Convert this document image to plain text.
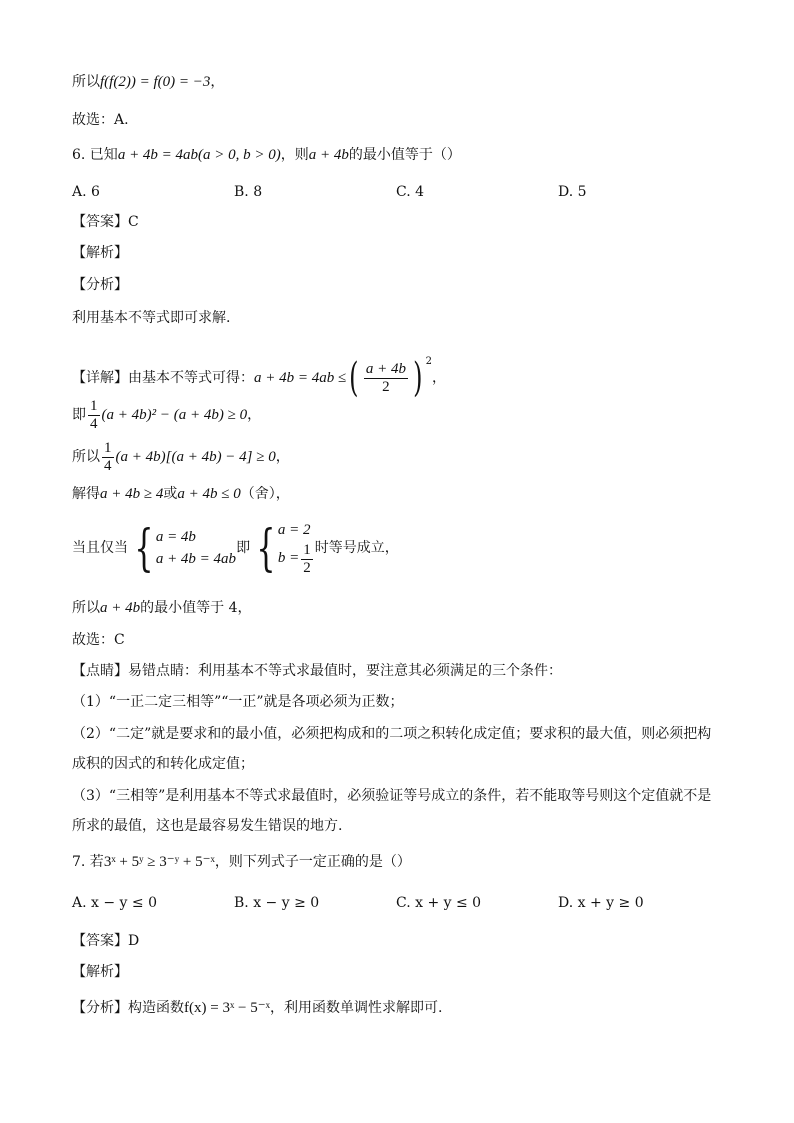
所以f(f(2)) = f(0) = −3，
故选：A.
6. 已知a + 4b = 4ab(a > 0, b > 0)，则a + 4b的最小值等于（）
A. 6	B. 8	C. 4	D. 5
【答案】C
【解析】
【分析】
利用基本不等式即可求解.
【详解】由基本不等式可得：a + 4b = 4ab ≤( $\frac{a + 4b}{2}$ ) $^2$，
即 $\frac{1}{4} (a + 4b)^2 - (a + 4b) \ge 0$，
所以 $\frac{1}{4} (a + 4b)[(a + 4b) - 4] \ge 0$，
解得a + 4b ≥ 4或a + 4b ≤ 0（舍），
当且仅当 { a = 4b
a + 4b = 4ab
即 { a = 2
$b = \frac{1}{2}$ 时等号成立，
所以a + 4b的最小值等于 4，
故选：C
【点睛】易错点睛：利用基本不等式求最值时，要注意其必须满足的三个条件：
（1）“一正二定三相等”“一正”就是各项必须为正数；
（2）“二定”就是要求和的最小值，必须把构成和的二项之积转化成定值；要求积的最大值，则必须把构
成积的因式的和转化成定值；
（3）“三相等”是利用基本不等式求最值时，必须验证等号成立的条件，若不能取等号则这个定值就不是
所求的最值，这也是最容易发生错误的地方.
7. 若3ˣ + 5ʸ ≥ 3⁻ʸ + 5⁻ˣ，则下列式子一定正确的是（）
A. x − y ≤ 0	B. x − y ≥ 0	C. x + y ≤ 0	D. x + y ≥ 0
【答案】D
【解析】
【分析】构造函数f(x) = 3ˣ − 5⁻ˣ，利用函数单调性求解即可.
